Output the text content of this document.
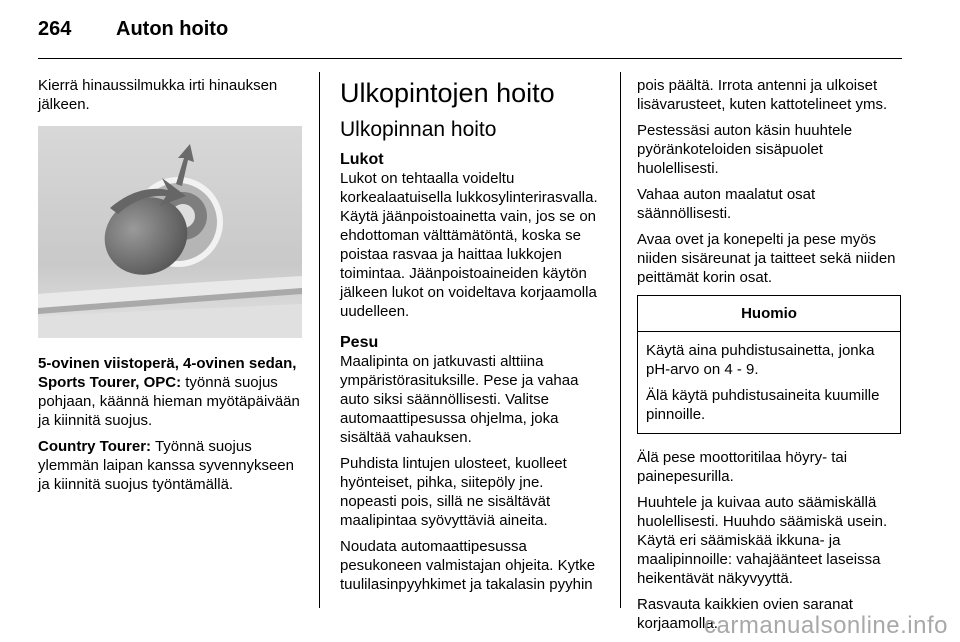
264	Auton hoito

Kierrä hinaussilmukka irti hinauksen jälkeen.

5-ovinen viistoperä, 4-ovinen sedan, Sports Tourer, OPC: työnnä suojus pohjaan, käännä hieman myötäpäivään ja kiinnitä suojus.

Country Tourer: Työnnä suojus ylemmän laipan kanssa syvennykseen ja kiinnitä suojus työntämällä.

Ulkopintojen hoito
Ulkopinnan hoito
Lukot

Lukot on tehtaalla voideltu korkealaatuisella lukkosylinterirasvalla. Käytä jäänpoistoainetta vain, jos se on ehdottoman välttämätöntä, koska se poistaa rasvaa ja haittaa lukkojen toimintaa. Jäänpoistoaineiden käytön jälkeen lukot on voideltava korjaamolla uudelleen.

Pesu

Maalipinta on jatkuvasti alttiina ympäristörasituksille. Pese ja vahaa auto siksi säännöllisesti. Valitse automaattipesussa ohjelma, joka sisältää vahauksen.

Puhdista lintujen ulosteet, kuolleet hyönteiset, pihka, siitepöly jne. nopeasti pois, sillä ne sisältävät maalipintaa syövyttäviä aineita.

Noudata automaattipesussa pesukoneen valmistajan ohjeita. Kytke tuulilasinpyyhkimet ja takalasin pyyhin

pois päältä. Irrota antenni ja ulkoiset lisävarusteet, kuten kattotelineet yms.

Pestessäsi auton käsin huuhtele pyöränkoteloiden sisäpuolet huolellisesti.

Vahaa auton maalatut osat säännöllisesti.

Avaa ovet ja konepelti ja pese myös niiden sisäreunat ja taitteet sekä niiden peittämät korin osat.

Huomio

Käytä aina puhdistusainetta, jonka pH-arvo on 4 - 9.

Älä käytä puhdistusaineita kuumille pinnoille.

Älä pese moottoritilaa höyry- tai painepesurilla.

Huuhtele ja kuivaa auto säämiskällä huolellisesti. Huuhdo säämiskä usein. Käytä eri säämiskää ikkuna- ja maalipinnoille: vahajäänteet laseissa heikentävät näkyvyyttä.

Rasvauta kaikkien ovien saranat korjaamolla.

carmanualsonline.info
